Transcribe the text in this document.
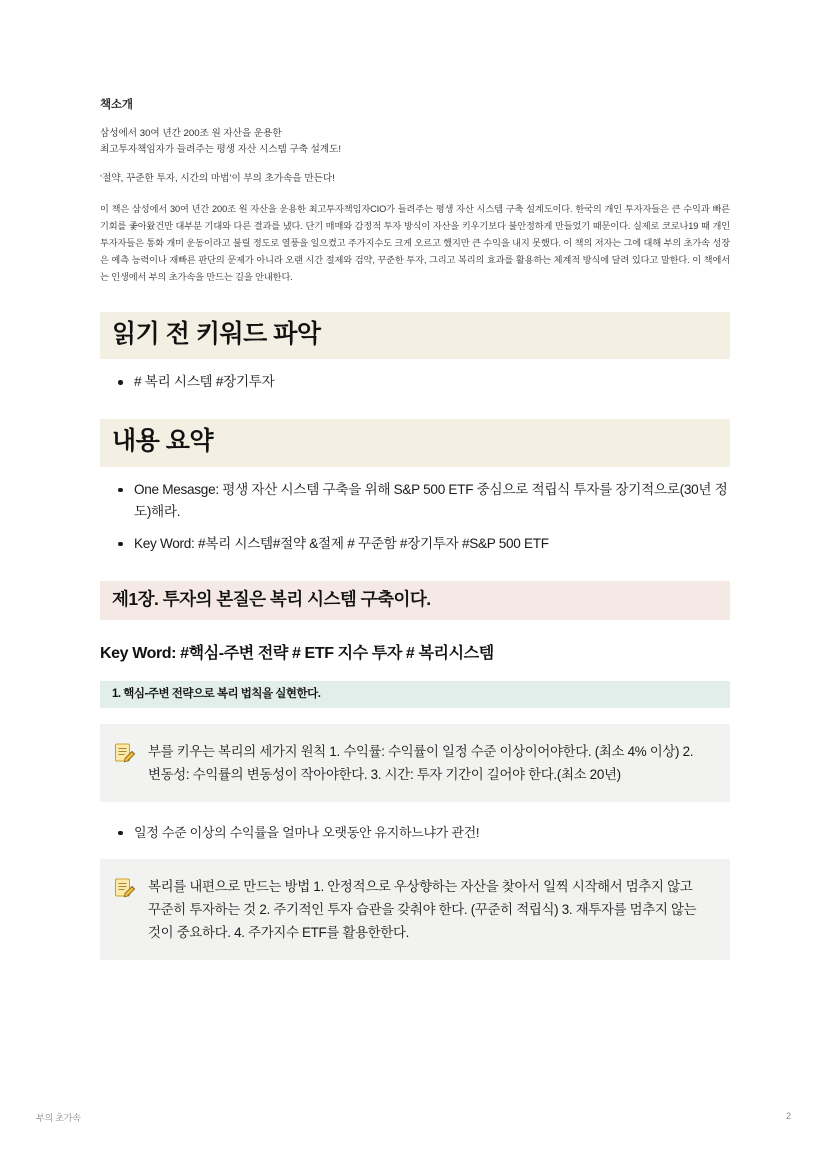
책소개
삼성에서 30여 년간 200조 원 자산을 운용한
최고투자책임자가 들려주는 평생 자산 시스템 구축 설계도!
‘절약, 꾸준한 투자, 시간의 마법’이 부의 초가속을 만든다!
이 책은 삼성에서 30여 년간 200조 원 자산을 운용한 최고투자책임자CIO가 들려주는 평생 자산 시스템 구축 설계도이다. 한국의 개인 투자자들은 큰 수익과 빠른 기회를 좇아왔건만 대부분 기대와 다른 결과를 냈다. 단기 매매와 감정적 투자 방식이 자산을 키우기보다 불안정하게 만들었기 때문이다. 실제로 코로나19 때 개인 투자자들은 통화 개미 운동이라고 불릴 정도로 열풍을 일으켰고 주가지수도 크게 오르고 했지만 큰 수익을 내지 못했다. 이 책의 저자는 그에 대해 부의 초가속 성장은 예측 능력이나 재빠른 판단의 문제가 아니라 오랜 시간 절제와 검약, 꾸준한 투자, 그리고 복리의 효과를 활용하는 체계적 방식에 달려 있다고 말한다. 이 책에서는 인생에서 부의 초가속을 만드는 길을 안내한다.
읽기 전 키워드 파악
# 복리 시스템 #장기투자
내용 요약
One Mesasge: 평생 자산 시스템 구축을 위해 S&P 500 ETF 중심으로 적립식 투자를 장기적으로(30년 정도)해라.
Key Word: #복리 시스템#절약 &절제 # 꾸준함 #장기투자 #S&P 500 ETF
제1장. 투자의 본질은 복리 시스템 구축이다.
Key Word: #핵심-주변 전략 # ETF 지수 투자 # 복리시스템
1. 핵심-주변 전략으로 복리 법칙을 실현한다.
부를 키우는 복리의 세가지 원칙 1. 수익률: 수익률이 일정 수준 이상이어야한다. (최소 4% 이상) 2. 변동성: 수익률의 변동성이 작아야한다. 3. 시간: 투자 기간이 길어야 한다.(최소 20년)
일정 수준 이상의 수익률을 얼마나 오랫동안 유지하느냐가 관건!
복리를 내편으로 만드는 방법 1. 안정적으로 우상향하는 자산을 찾아서 일찍 시작해서 멈추지 않고 꾸준히 투자하는 것 2. 주기적인 투자 습관을 갖춰야 한다. (꾸준히 적립식) 3. 재투자를 멈추지 않는 것이 중요하다. 4. 주가지수 ETF를 활용한한다.
부의 초가속	2
